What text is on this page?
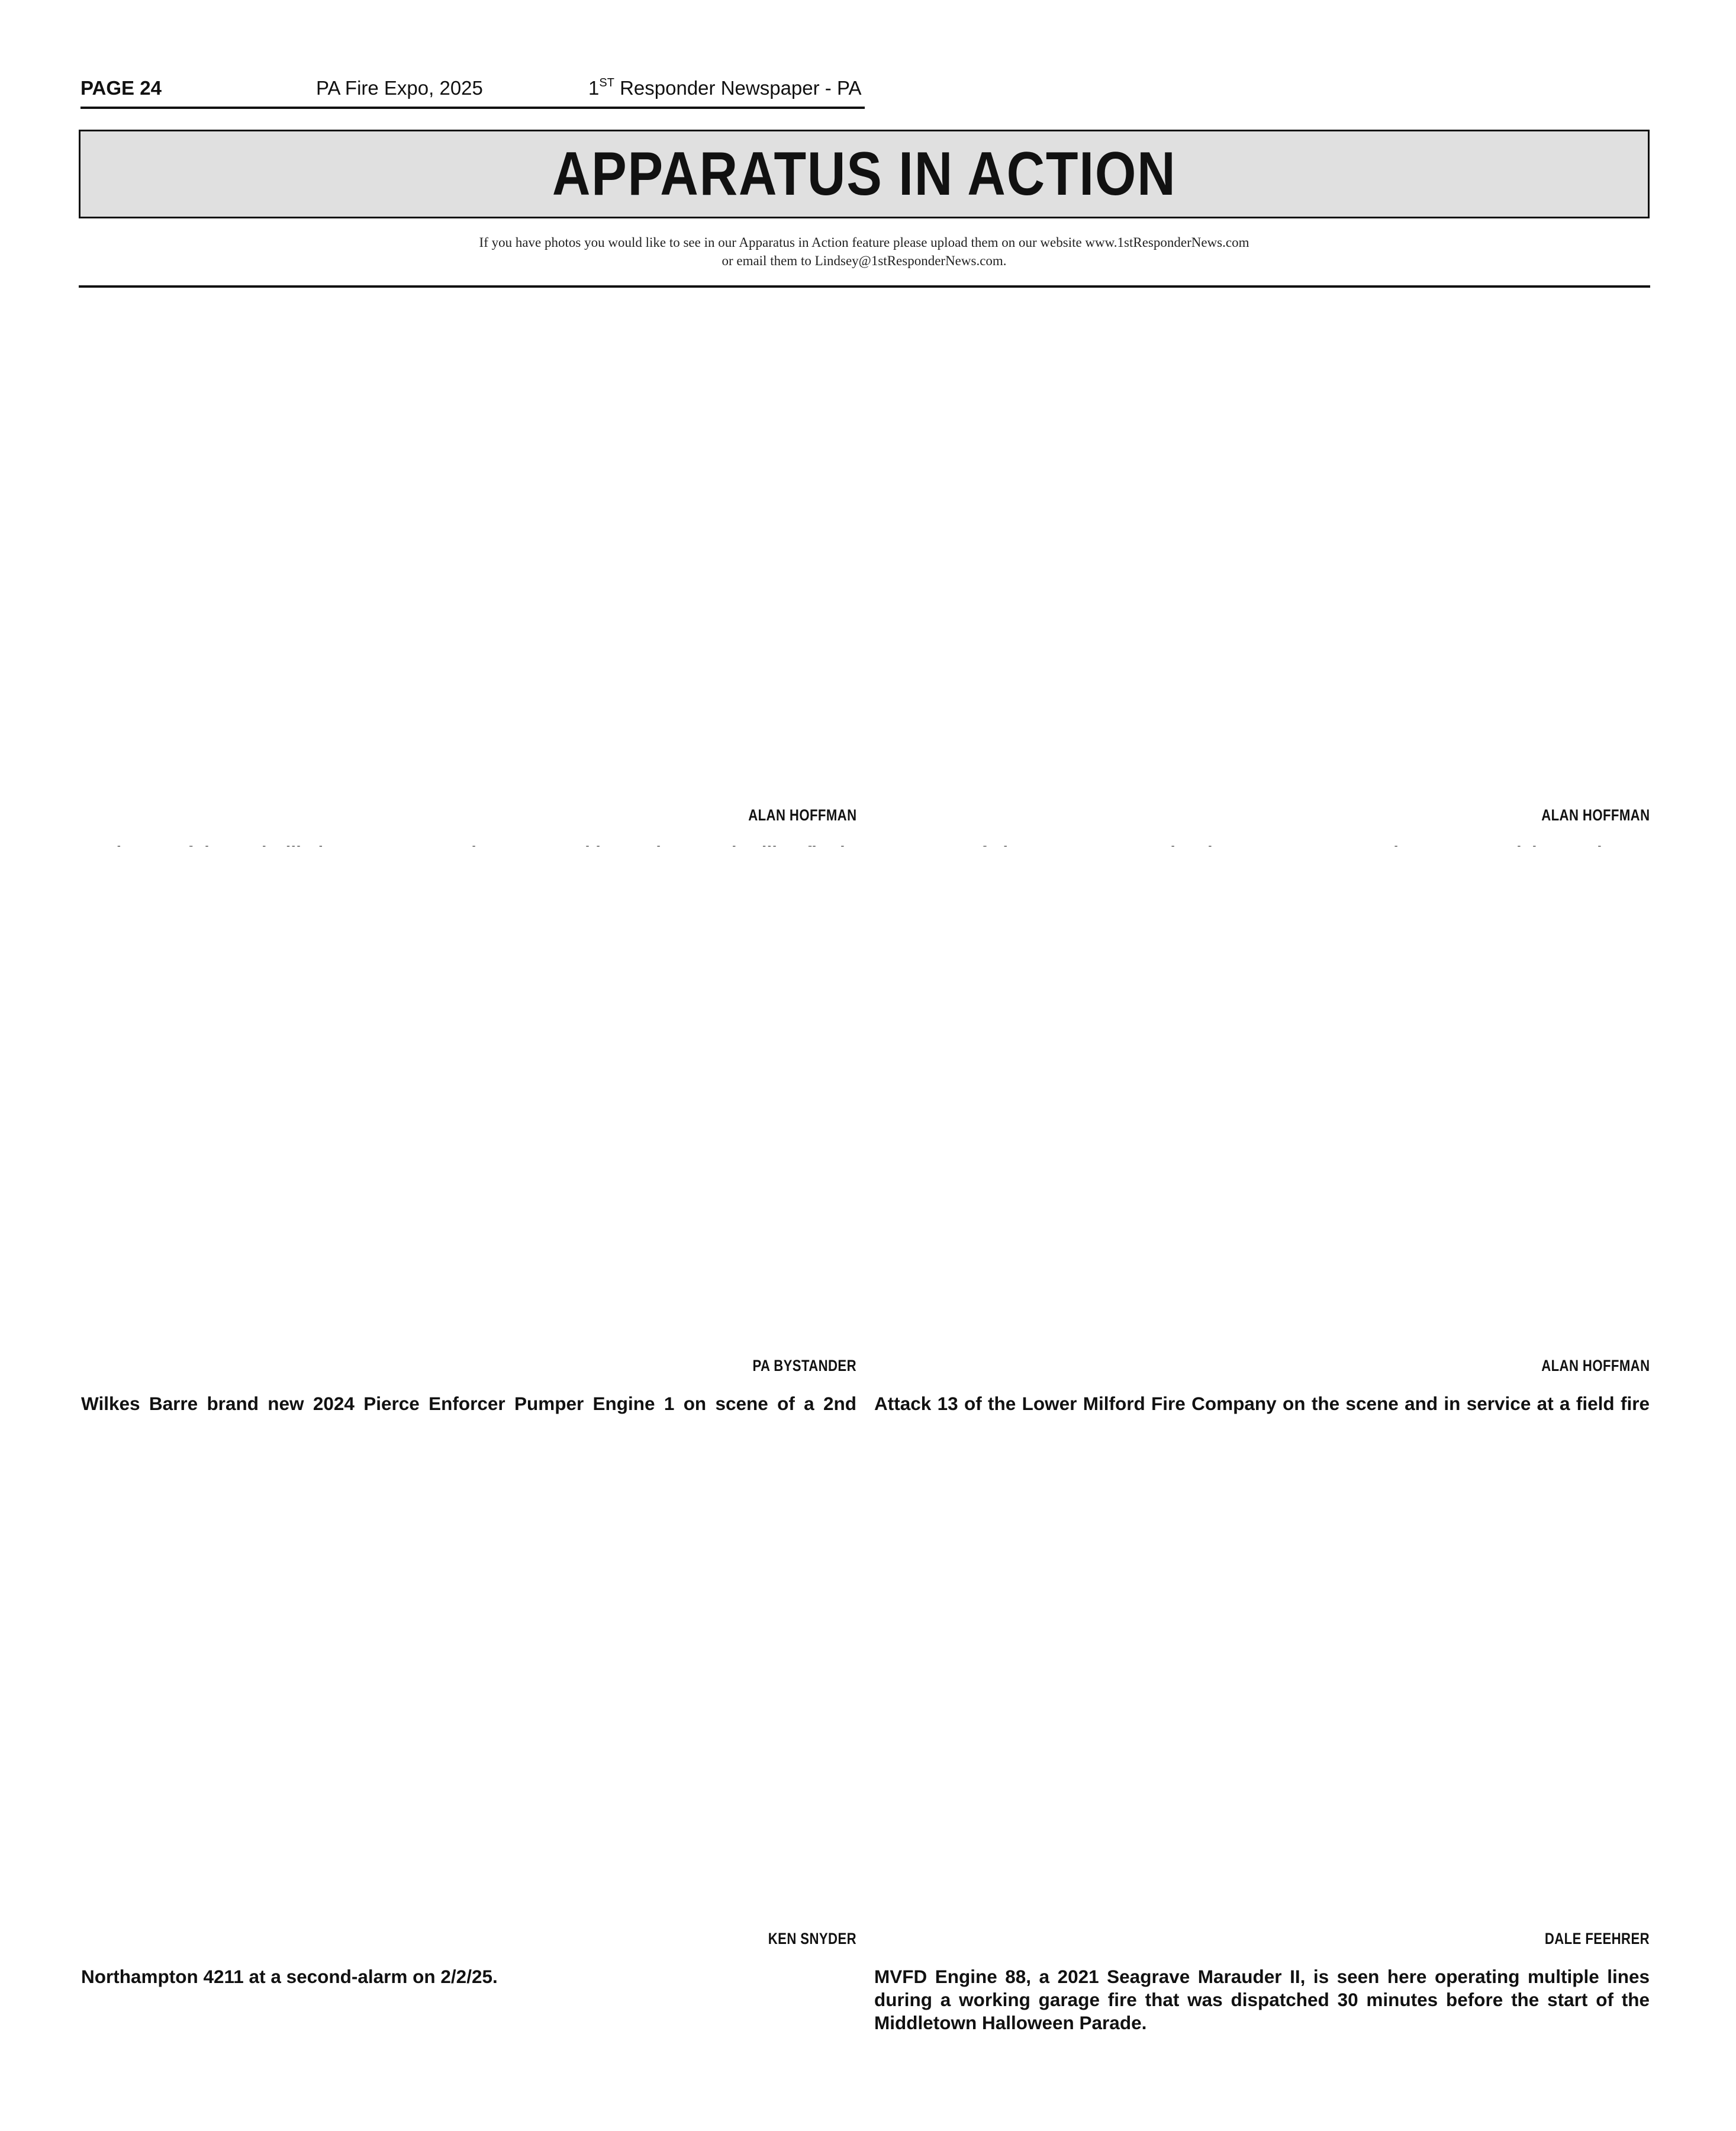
PAGE 24	PA Fire Expo, 2025	1ST Responder Newspaper - PA
APPARATUS IN ACTION
If you have photos you would like to see in our Apparatus in Action feature please upload them on our website www.1stResponderNews.com
or email them to Lindsey@1stResponderNews.com.
ALAN HOFFMAN	ALAN HOFFMAN
PA BYSTANDER
Wilkes Barre brand new 2024 Pierce Enforcer Pumper Engine 1 on scene of a 2nd
ALAN HOFFMAN
Attack 13 of the Lower Milford Fire Company on the scene and in service at a field fire
KEN SNYDER
Northampton 4211 at a second-alarm on 2/2/25.
DALE FEEHRER
MVFD Engine 88, a 2021 Seagrave Marauder II, is seen here operating multiple lines during a working garage fire that was dispatched 30 minutes before the start of the Middletown Halloween Parade.
